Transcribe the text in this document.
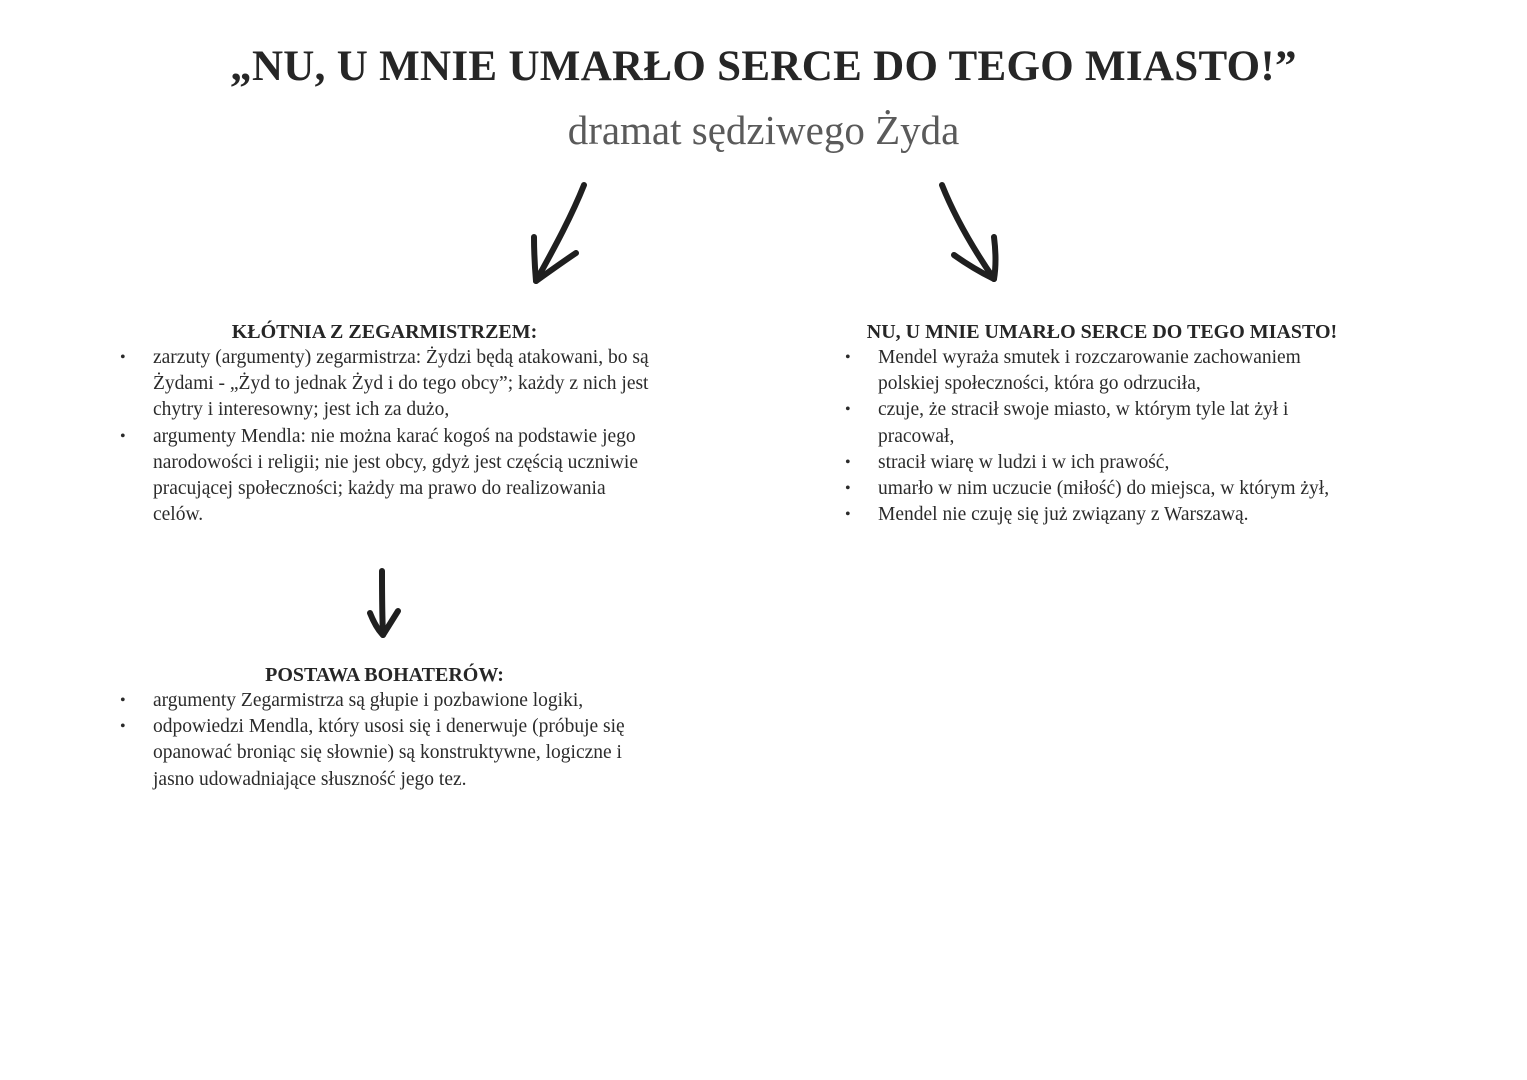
„NU, U MNIE UMARŁO SERCE DO TEGO MIASTO!”
dramat sędziwego Żyda
KŁÓTNIA Z ZEGARMISTRZEM:
• zarzuty (argumenty) zegarmistrza: Żydzi będą atakowani, bo są Żydami - „Żyd to jednak Żyd i do tego obcy”; każdy z nich jest chytry i interesowny; jest ich za dużo,
• argumenty Mendla: nie można karać kogoś na podstawie jego narodowości i religii; nie jest obcy, gdyż jest częścią uczniwie pracującej społeczności; każdy ma prawo do realizowania celów.
NU, U MNIE UMARŁO SERCE DO TEGO MIASTO!
• Mendel wyraża smutek i rozczarowanie zachowaniem polskiej społeczności, która go odrzuciła,
• czuje, że stracił swoje miasto, w którym tyle lat żył i pracował,
• stracił wiarę w ludzi i w ich prawość,
• umarło w nim uczucie (miłość) do miejsca, w którym żył,
• Mendel nie czuję się już związany z Warszawą.
POSTAWA BOHATERÓW:
• argumenty Zegarmistrza są głupie i pozbawione logiki,
• odpowiedzi Mendla, który usosi się i denerwuje (próbuje się opanować broniąc się słownie) są konstruktywne, logiczne i jasno udowadniające słuszność jego tez.
